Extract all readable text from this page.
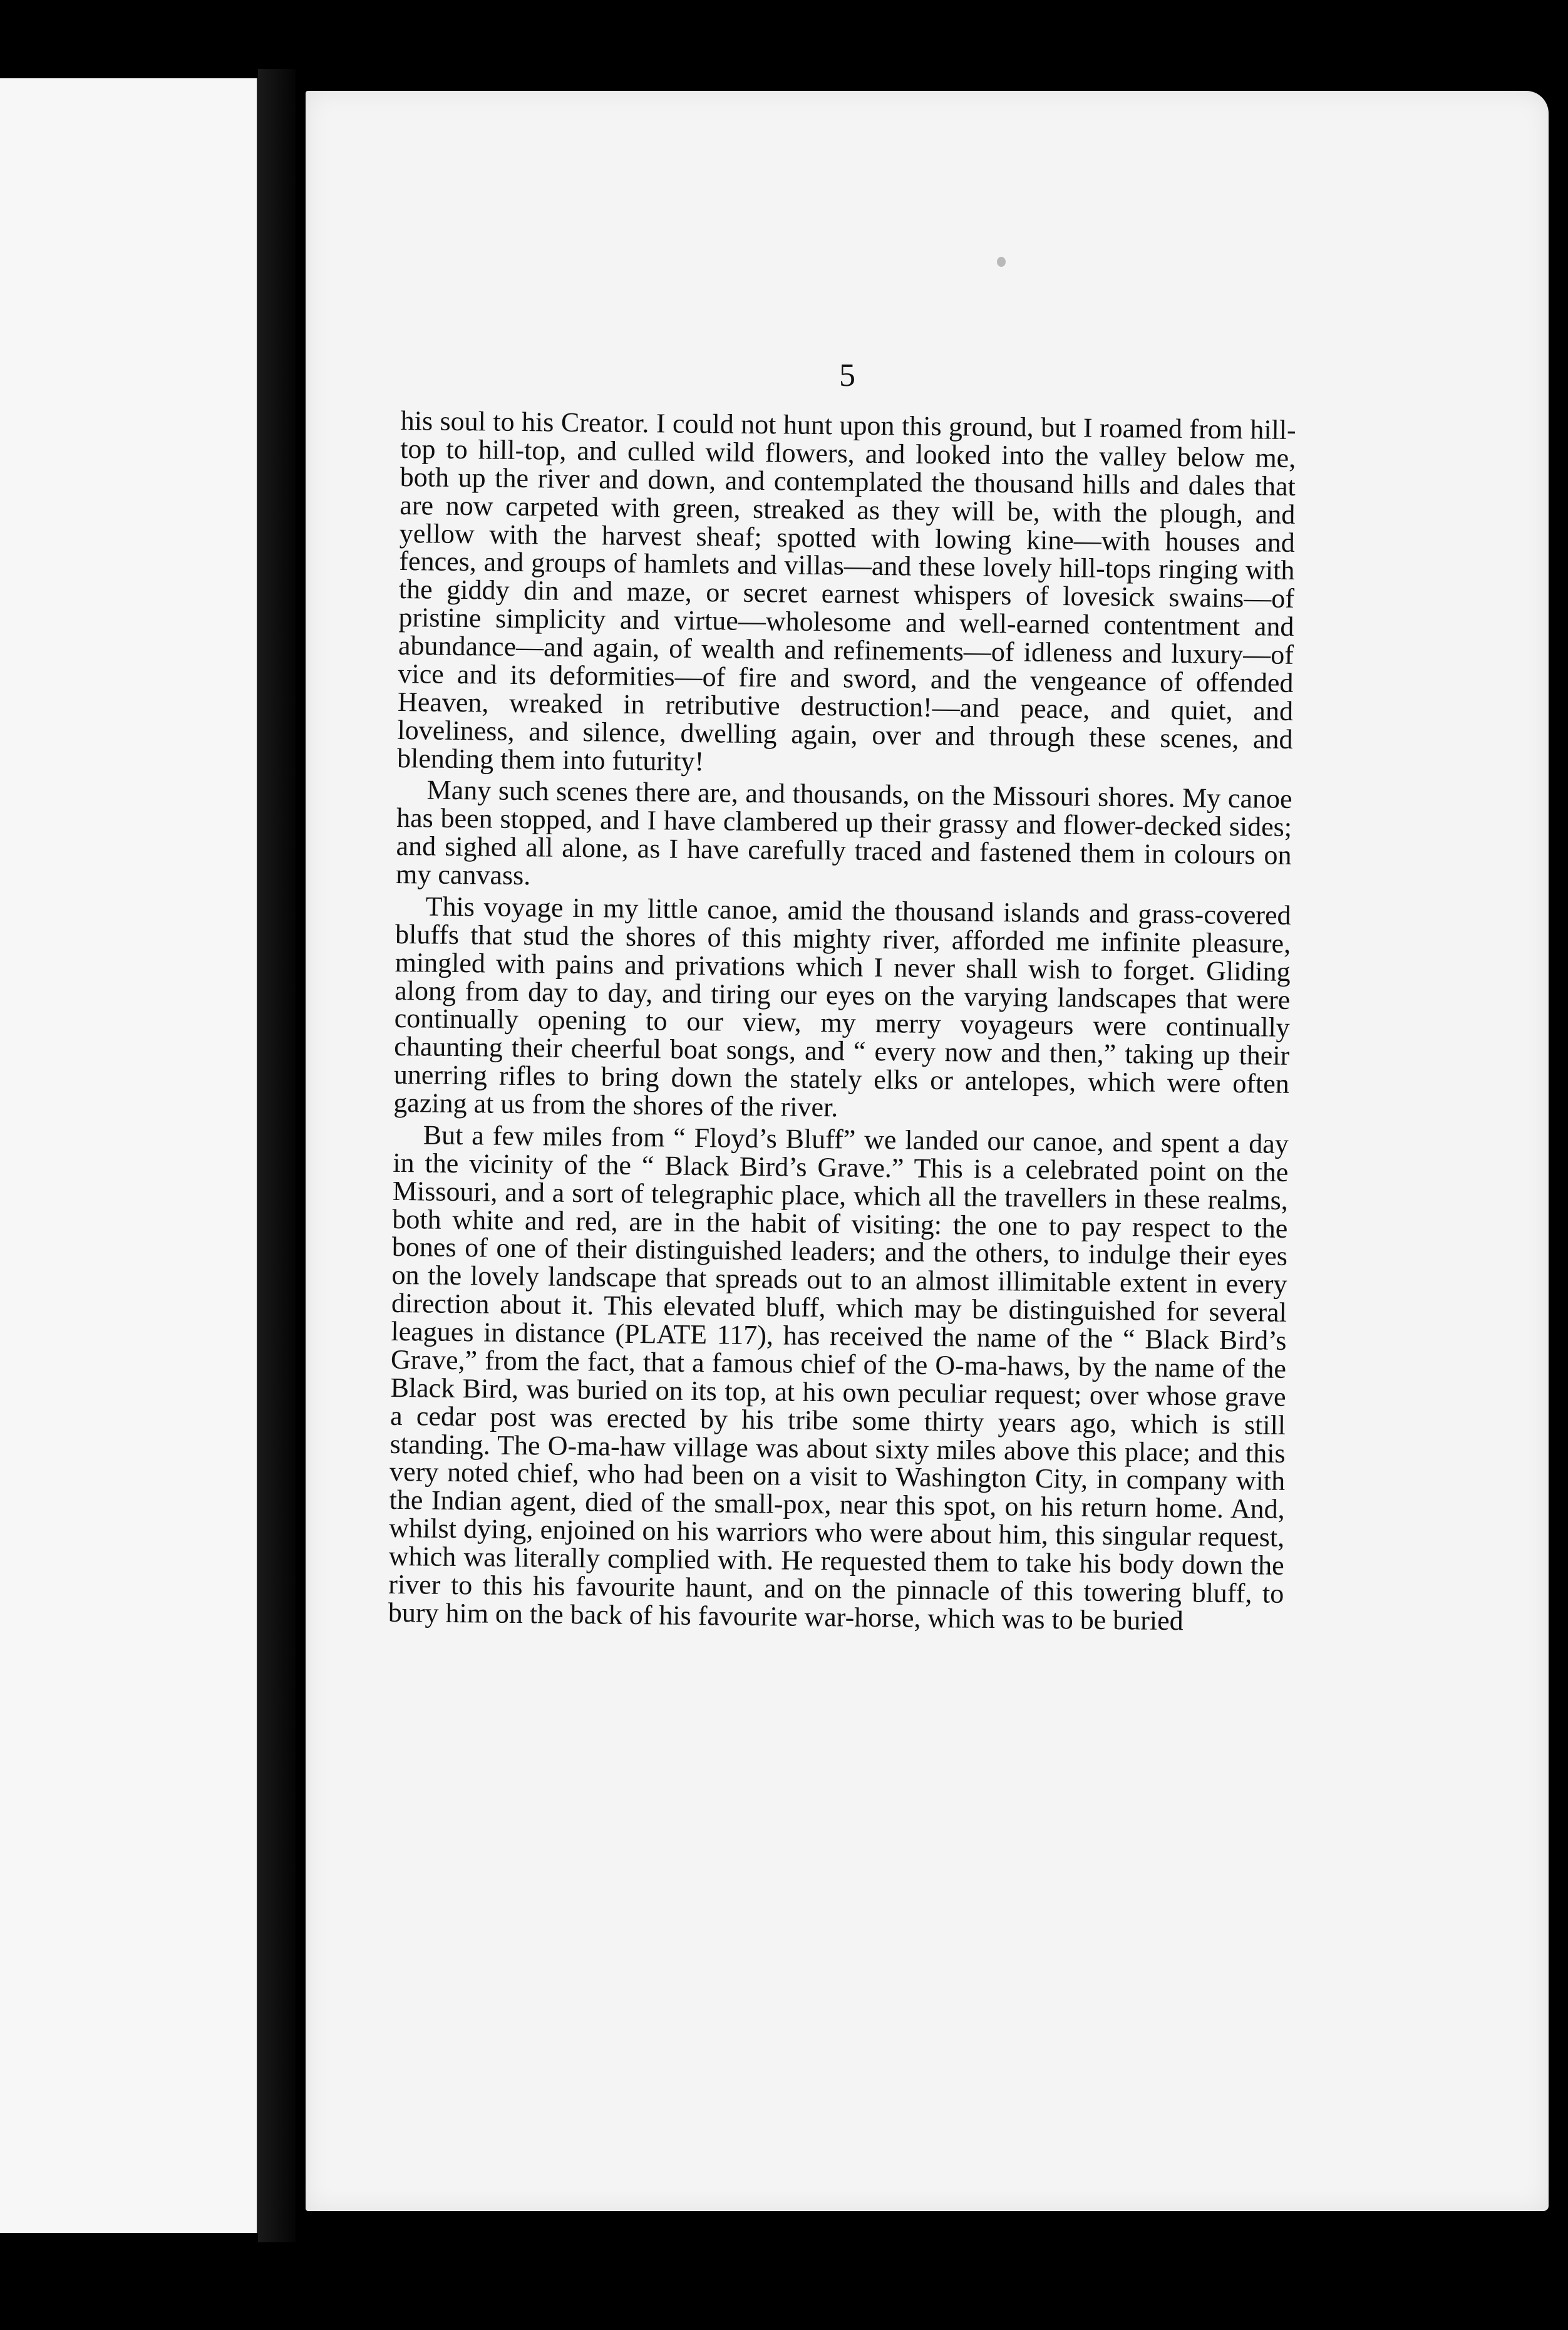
5

his soul to his Creator. I could not hunt upon this ground, but I roamed from hill-top to hill-top, and culled wild flowers, and looked into the valley below me, both up the river and down, and contemplated the thousand hills and dales that are now carpeted with green, streaked as they will be, with the plough, and yellow with the harvest sheaf; spotted with lowing kine—with houses and fences, and groups of hamlets and villas—and these lovely hill-tops ringing with the giddy din and maze, or secret earnest whispers of lovesick swains—of pristine simplicity and virtue—wholesome and well-earned contentment and abundance—and again, of wealth and refinements—of idleness and luxury—of vice and its deformities—of fire and sword, and the vengeance of offended Heaven, wreaked in retributive destruction!—and peace, and quiet, and loveliness, and silence, dwelling again, over and through these scenes, and blending them into futurity!

Many such scenes there are, and thousands, on the Missouri shores. My canoe has been stopped, and I have clambered up their grassy and flower-decked sides; and sighed all alone, as I have carefully traced and fastened them in colours on my canvass.

This voyage in my little canoe, amid the thousand islands and grass-covered bluffs that stud the shores of this mighty river, afforded me infinite pleasure, mingled with pains and privations which I never shall wish to forget. Gliding along from day to day, and tiring our eyes on the varying landscapes that were continually opening to our view, my merry voyageurs were continually chaunting their cheerful boat songs, and “ every now and then,” taking up their unerring rifles to bring down the stately elks or antelopes, which were often gazing at us from the shores of the river.

But a few miles from “ Floyd’s Bluff” we landed our canoe, and spent a day in the vicinity of the “ Black Bird’s Grave.” This is a celebrated point on the Missouri, and a sort of telegraphic place, which all the travellers in these realms, both white and red, are in the habit of visiting: the one to pay respect to the bones of one of their distinguished leaders; and the others, to indulge their eyes on the lovely landscape that spreads out to an almost illimitable extent in every direction about it. This elevated bluff, which may be distinguished for several leagues in distance (PLATE 117), has received the name of the “ Black Bird’s Grave,” from the fact, that a famous chief of the O-ma-haws, by the name of the Black Bird, was buried on its top, at his own peculiar request; over whose grave a cedar post was erected by his tribe some thirty years ago, which is still standing. The O-ma-haw village was about sixty miles above this place; and this very noted chief, who had been on a visit to Washington City, in company with the Indian agent, died of the small-pox, near this spot, on his return home. And, whilst dying, enjoined on his warriors who were about him, this singular request, which was literally complied with. He requested them to take his body down the river to this his favourite haunt, and on the pinnacle of this towering bluff, to bury him on the back of his favourite war-horse, which was to be buried
